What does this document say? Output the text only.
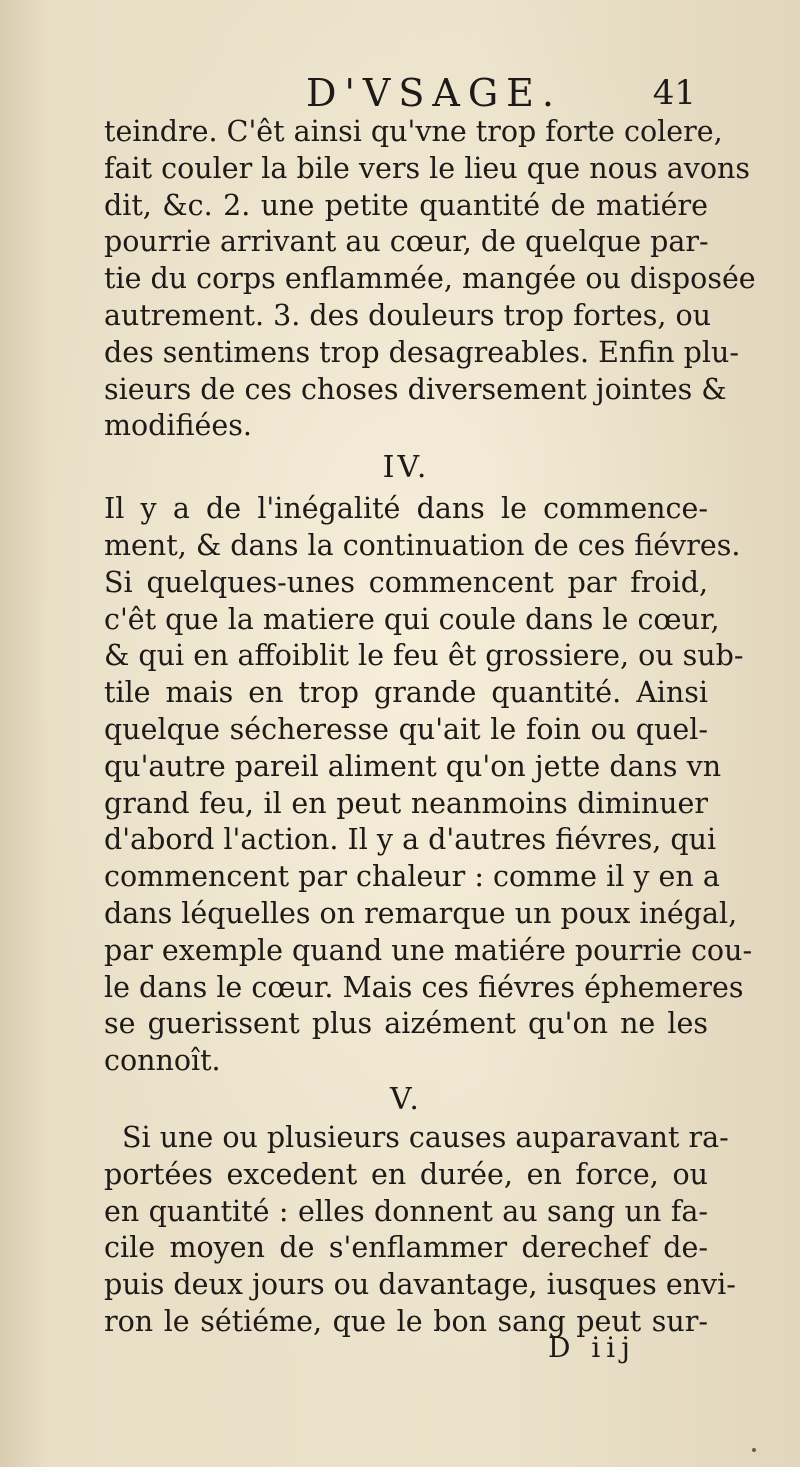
D'VSAGE.	41
teindre. C'êt ainsi qu'vne trop forte colere,
fait couler la bile vers le lieu que nous avons
dit, &c. 2. une petite quantité de matiére
pourrie arrivant au cœur, de quelque par-
tie du corps enflammée, mangée ou disposée
autrement. 3. des douleurs trop fortes, ou
des sentimens trop desagreables. Enfin plu-
sieurs de ces choses diversement jointes &
modifiées.
IV.
Il y a de l'inégalité dans le commence-
ment, & dans la continuation de ces fiévres.
Si quelques-unes commencent par froid,
c'êt que la matiere qui coule dans le cœur,
& qui en affoiblit le feu êt grossiere, ou sub-
tile mais en trop grande quantité. Ainsi
quelque sécheresse qu'ait le foin ou quel-
qu'autre pareil aliment qu'on jette dans vn
grand feu, il en peut neanmoins diminuer
d'abord l'action. Il y a d'autres fiévres, qui
commencent par chaleur : comme il y en a
dans léquelles on remarque un poux inégal,
par exemple quand une matiére pourrie cou-
le dans le cœur. Mais ces fiévres éphemeres
se guerissent plus aizément qu'on ne les
connoît.
V.
Si une ou plusieurs causes auparavant ra-
portées excedent en durée, en force, ou
en quantité : elles donnent au sang un fa-
cile moyen de s'enflammer derechef de-
puis deux jours ou davantage, iusques envi-
ron le sétiéme, que le bon sang peut sur-
D iij
